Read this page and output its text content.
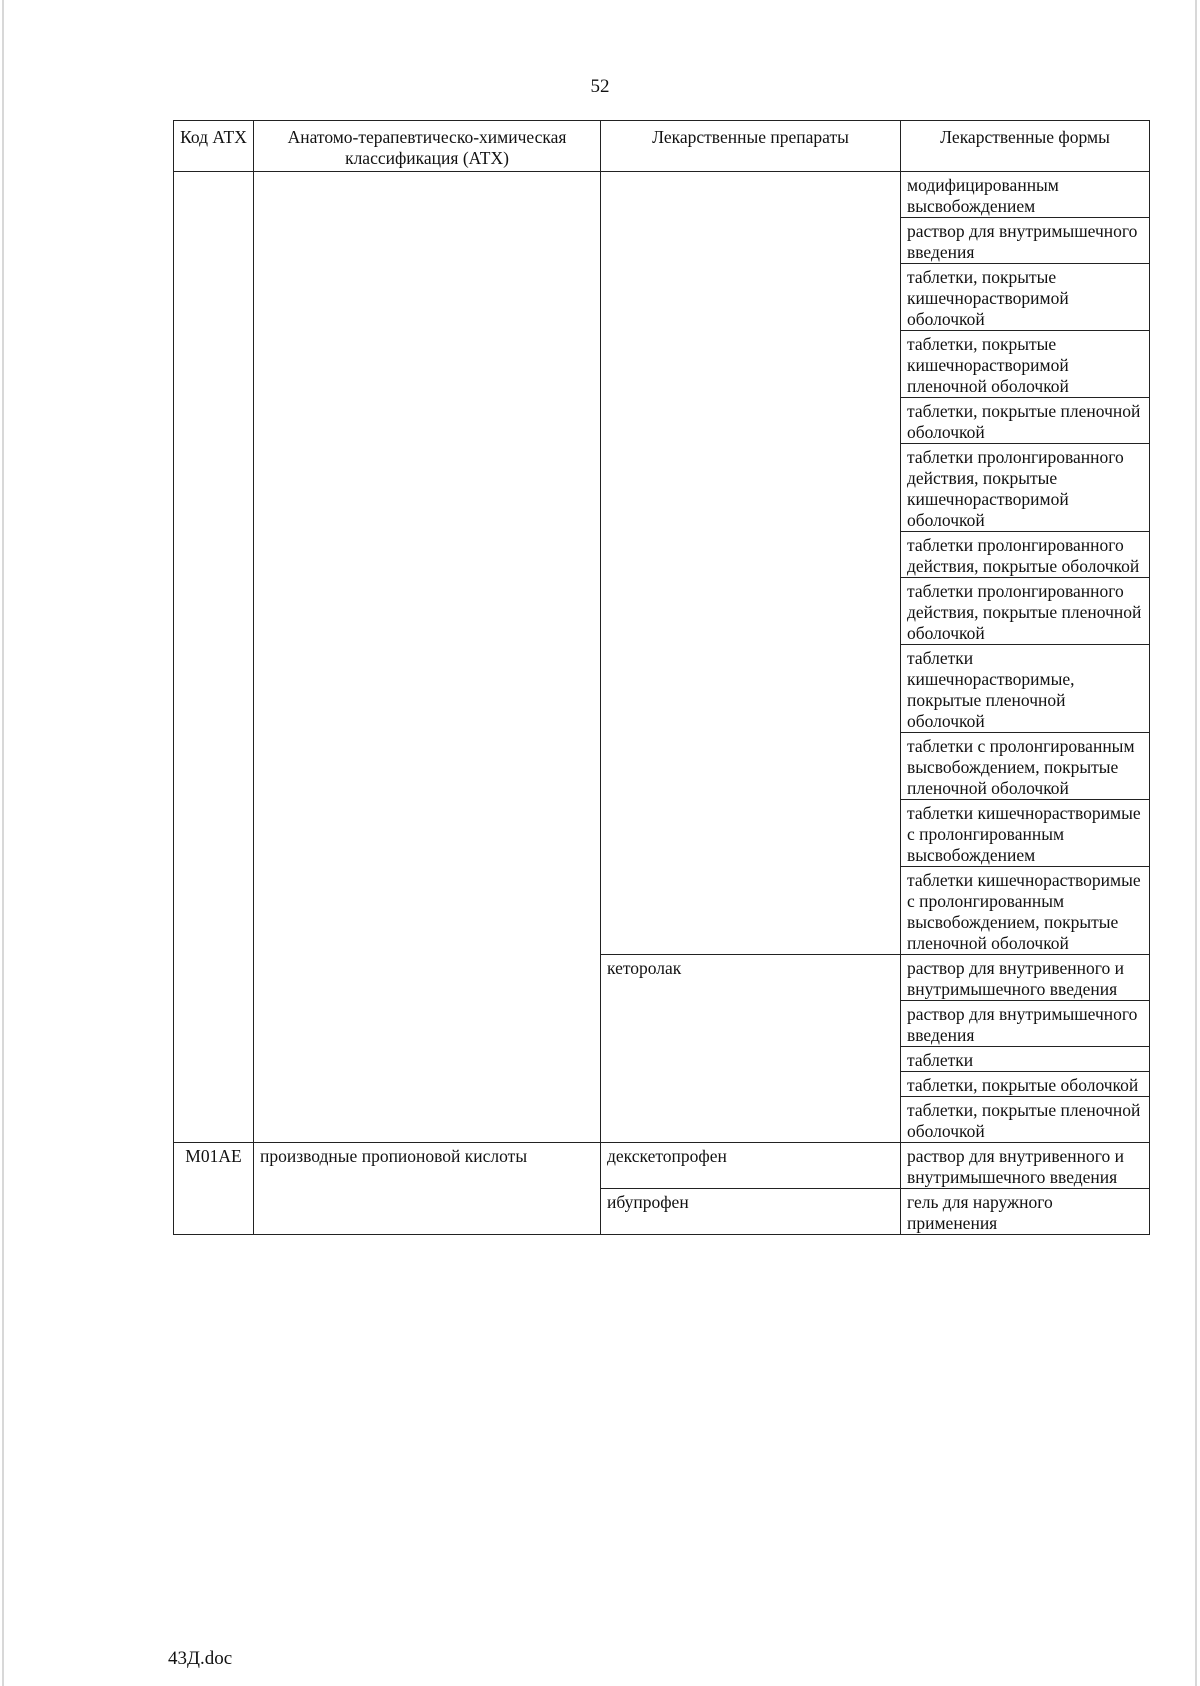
52
Код АТХ	Анатомо-терапевтическо-химическая классификация (АТХ)	Лекарственные препараты	Лекарственные формы
			модифицированным высвобождением
			раствор для внутримышечного введения
			таблетки, покрытые кишечнорастворимой оболочкой
			таблетки, покрытые кишечнорастворимой пленочной оболочкой
			таблетки, покрытые пленочной оболочкой
			таблетки пролонгированного действия, покрытые кишечнорастворимой оболочкой
			таблетки пролонгированного действия, покрытые оболочкой
			таблетки пролонгированного действия, покрытые пленочной оболочкой
			таблетки кишечнорастворимые, покрытые пленочной оболочкой
			таблетки с пролонгированным высвобождением, покрытые пленочной оболочкой
			таблетки кишечнорастворимые с пролонгированным высвобождением
			таблетки кишечнорастворимые с пролонгированным высвобождением, покрытые пленочной оболочкой
		кеторолак	раствор для внутривенного и внутримышечного введения
			раствор для внутримышечного введения
			таблетки
			таблетки, покрытые оболочкой
			таблетки, покрытые пленочной оболочкой
M01AE	производные пропионовой кислоты	декскетопрофен	раствор для внутривенного и внутримышечного введения
		ибупрофен	гель для наружного применения
43Д.doc
